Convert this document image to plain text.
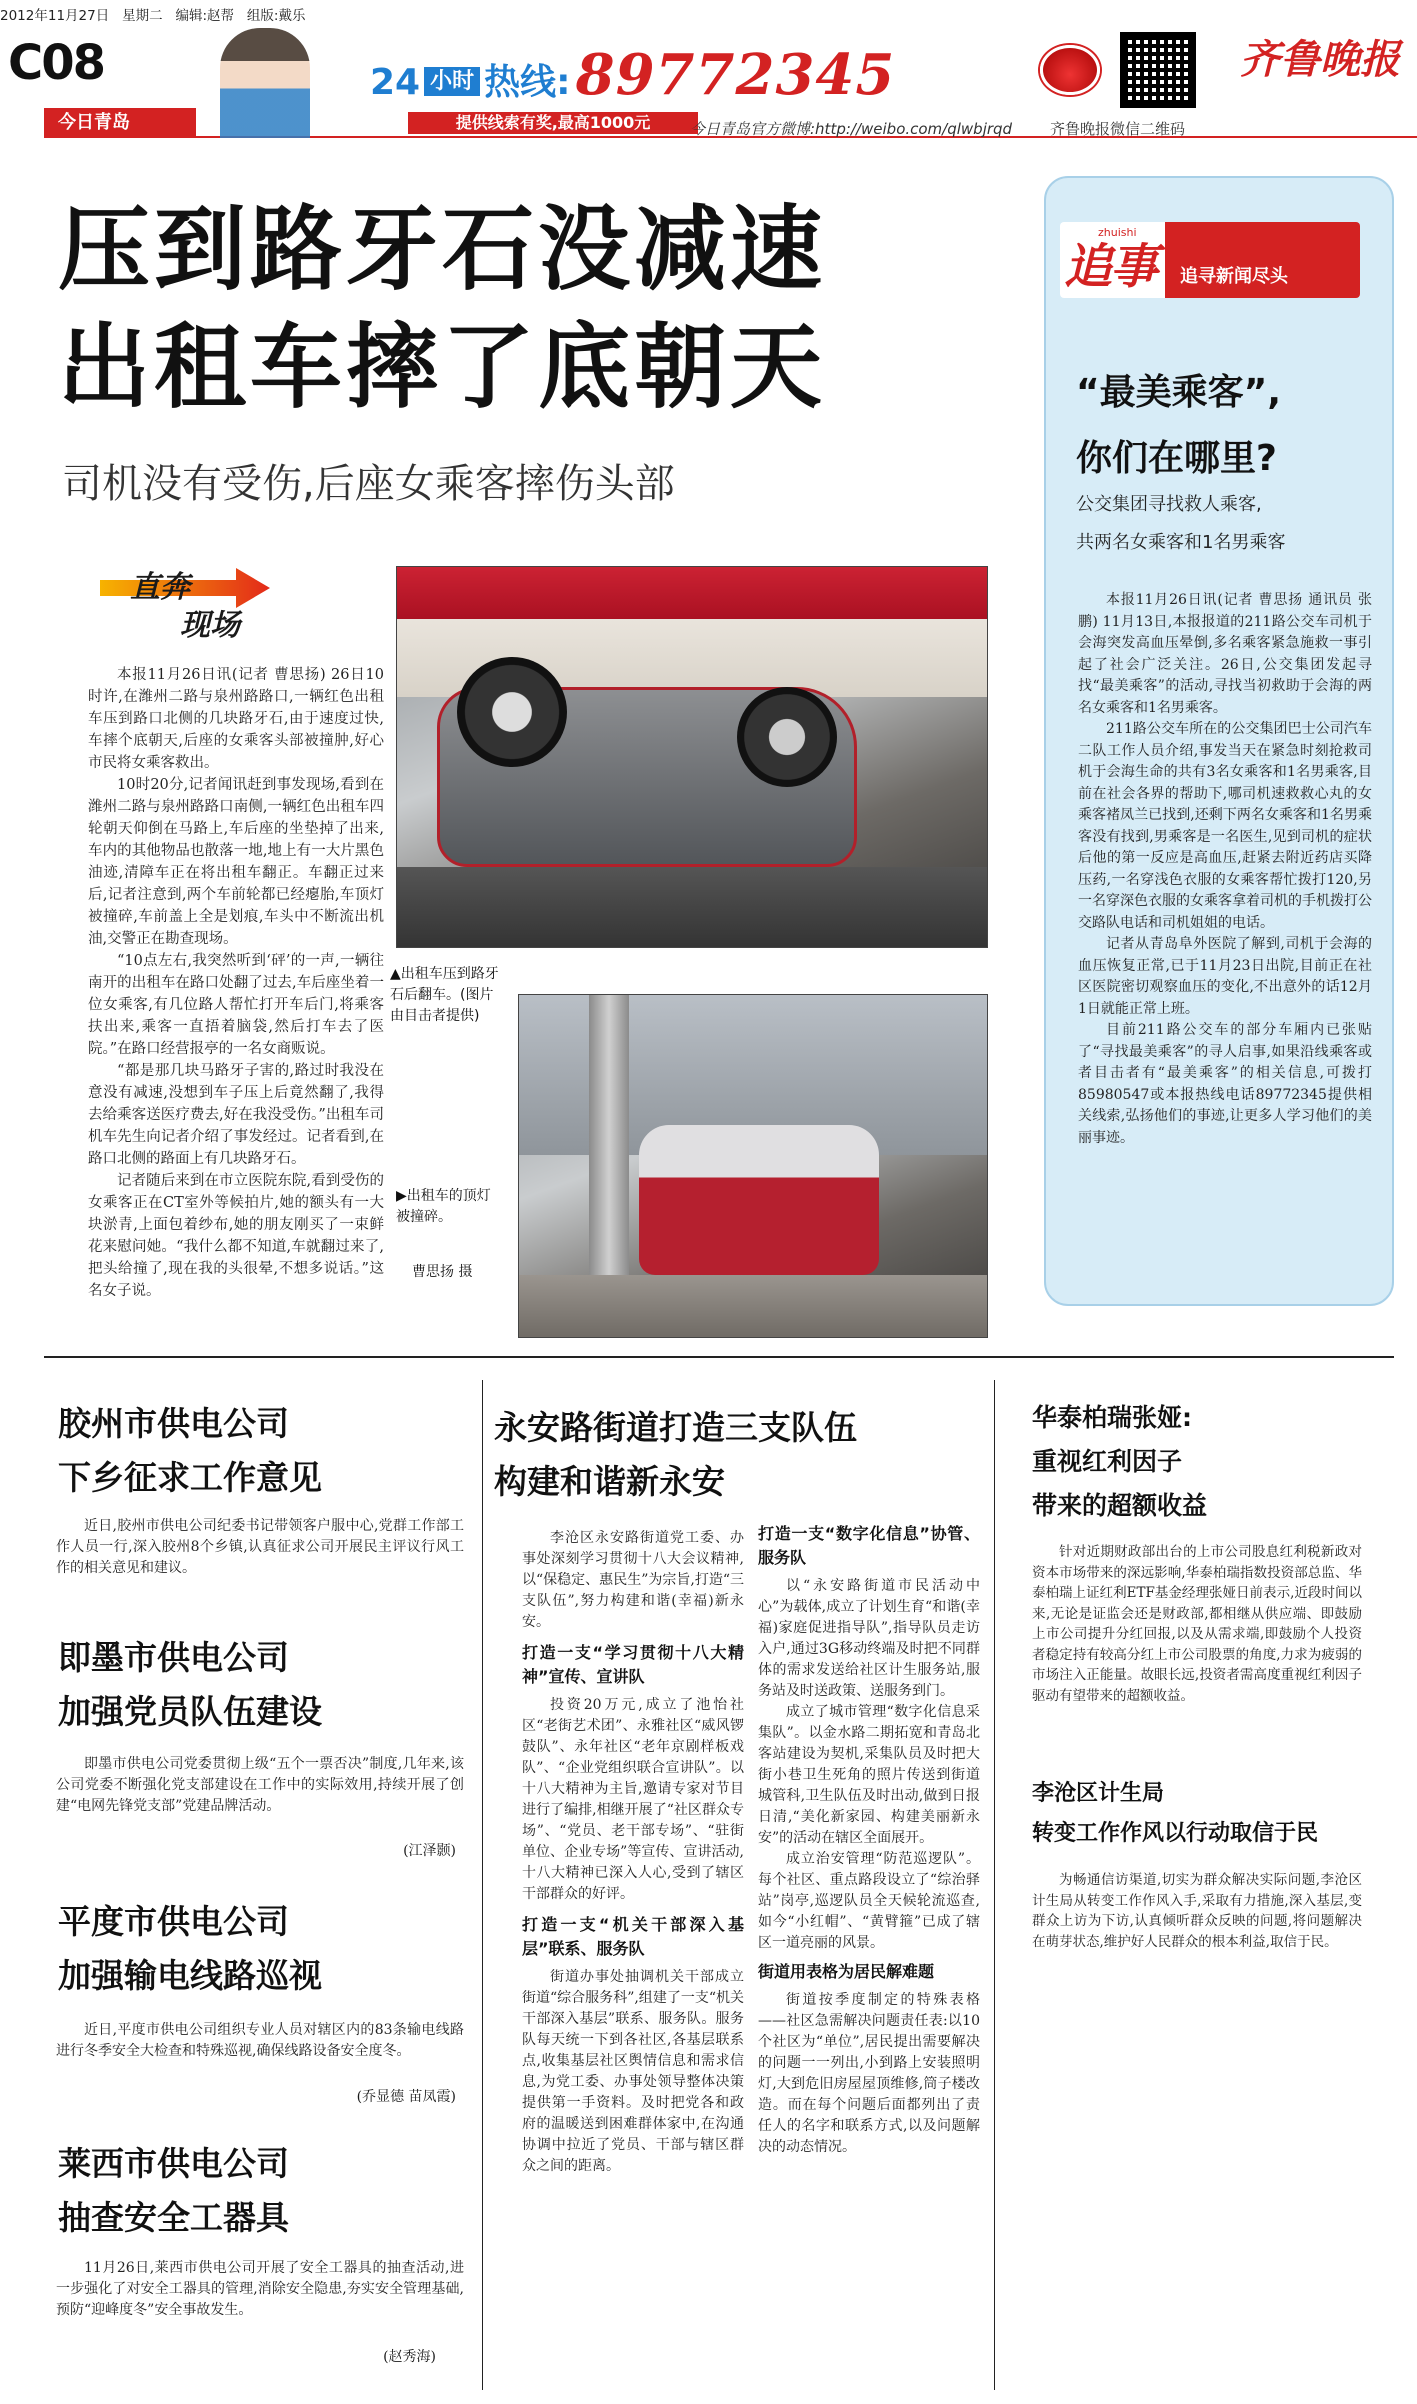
2012年11月27日 星期二 编辑:赵帮 组版:戴乐
C08
今日青岛
24 小时 热线: 89772345
提供线索有奖,最高1000元	今日青岛官方微博:http://weibo.com/qlwbjrqd	齐鲁晚报微信二维码
齐鲁晚报
压到路牙石没减速
出租车摔了底朝天
司机没有受伤,后座女乘客摔伤头部
直奔
现场

本报11月26日讯(记者 曹思扬) 26日10时许,在潍州二路与泉州路路口,一辆红色出租车压到路口北侧的几块路牙石,由于速度过快,车摔个底朝天,后座的女乘客头部被撞肿,好心市民将女乘客救出。

10时20分,记者闻讯赶到事发现场,看到在潍州二路与泉州路路口南侧,一辆红色出租车四轮朝天仰倒在马路上,车后座的坐垫掉了出来,车内的其他物品也散落一地,地上有一大片黑色油迹,清障车正在将出租车翻正。车翻正过来后,记者注意到,两个车前轮都已经瘪胎,车顶灯被撞碎,车前盖上全是划痕,车头中不断流出机油,交警正在勘查现场。

“10点左右,我突然听到‘砰’的一声,一辆往南开的出租车在路口处翻了过去,车后座坐着一位女乘客,有几位路人帮忙打开车后门,将乘客扶出来,乘客一直捂着脑袋,然后打车去了医院。”在路口经营报亭的一名女商贩说。

“都是那几块马路牙子害的,路过时我没在意没有减速,没想到车子压上后竟然翻了,我得去给乘客送医疗费去,好在我没受伤。”出租车司机车先生向记者介绍了事发经过。记者看到,在路口北侧的路面上有几块路牙石。

记者随后来到在市立医院东院,看到受伤的女乘客正在CT室外等候拍片,她的额头有一大块淤青,上面包着纱布,她的朋友刚买了一束鲜花来慰问她。“我什么都不知道,车就翻过来了,把头给撞了,现在我的头很晕,不想多说话。”这名女子说。

▲出租车压到路牙石后翻车。(图片由目击者提供)
▶出租车的顶灯被撞碎。
曹思扬 摄
追事
zhuishi
追寻新闻尽头
“最美乘客”,
你们在哪里?
公交集团寻找救人乘客,
共两名女乘客和1名男乘客

本报11月26日讯(记者 曹思扬 通讯员 张鹏) 11月13日,本报报道的211路公交车司机于会海突发高血压晕倒,多名乘客紧急施救一事引起了社会广泛关注。26日,公交集团发起寻找“最美乘客”的活动,寻找当初救助于会海的两名女乘客和1名男乘客。

211路公交车所在的公交集团巴士公司汽车二队工作人员介绍,事发当天在紧急时刻抢救司机于会海生命的共有3名女乘客和1名男乘客,目前在社会各界的帮助下,哪司机速救救心丸的女乘客褚凤兰已找到,还剩下两名女乘客和1名男乘客没有找到,男乘客是一名医生,见到司机的症状后他的第一反应是高血压,赶紧去附近药店买降压药,一名穿浅色衣服的女乘客帮忙拨打120,另一名穿深色衣服的女乘客拿着司机的手机拨打公交路队电话和司机姐姐的电话。

记者从青岛阜外医院了解到,司机于会海的血压恢复正常,已于11月23日出院,目前正在社区医院密切观察血压的变化,不出意外的话12月1日就能正常上班。

目前211路公交车的部分车厢内已张贴了“寻找最美乘客”的寻人启事,如果沿线乘客或者目击者有“最美乘客”的相关信息,可拨打85980547或本报热线电话89772345提供相关线索,弘扬他们的事迹,让更多人学习他们的美丽事迹。

胶州市供电公司
下乡征求工作意见

近日,胶州市供电公司纪委书记带领客户服中心,党群工作部工作人员一行,深入胶州8个乡镇,认真征求公司开展民主评议行风工作的相关意见和建议。

即墨市供电公司
加强党员队伍建设

即墨市供电公司党委贯彻上级“五个一票否决”制度,几年来,该公司党委不断强化党支部建设在工作中的实际效用,持续开展了创建“电网先锋党支部”党建品牌活动。

(江泽颢)
平度市供电公司
加强输电线路巡视

近日,平度市供电公司组织专业人员对辖区内的83条输电线路进行冬季安全大检查和特殊巡视,确保线路设备安全度冬。

(乔显德 苗凤霞)
莱西市供电公司
抽查安全工器具

11月26日,莱西市供电公司开展了安全工器具的抽查活动,进一步强化了对安全工器具的管理,消除安全隐患,夯实安全管理基础,预防“迎峰度冬”安全事故发生。

(赵秀海)
永安路街道打造三支队伍
构建和谐新永安

李沧区永安路街道党工委、办事处深刻学习贯彻十八大会议精神,以“保稳定、惠民生”为宗旨,打造“三支队伍”,努力构建和谐(幸福)新永安。

打造一支“学习贯彻十八大精神”宣传、宣讲队

投资20万元,成立了池怡社区“老街艺术团”、永雅社区“威风锣鼓队”、永年社区“老年京剧样板戏队”、“企业党组织联合宣讲队”。以十八大精神为主旨,邀请专家对节目进行了编排,相继开展了“社区群众专场”、“党员、老干部专场”、“驻街单位、企业专场”等宣传、宣讲活动,十八大精神已深入人心,受到了辖区干部群众的好评。

打造一支“机关干部深入基层”联系、服务队

街道办事处抽调机关干部成立街道“综合服务科”,组建了一支“机关干部深入基层”联系、服务队。服务队每天统一下到各社区,各基层联系点,收集基层社区舆情信息和需求信息,为党工委、办事处领导整体决策提供第一手资料。及时把党各和政府的温暖送到困难群体家中,在沟通协调中拉近了党员、干部与辖区群众之间的距离。

打造一支“数字化信息”协管、服务队

以“永安路街道市民活动中心”为载体,成立了计划生育“和谐(幸福)家庭促进指导队”,指导队员走访入户,通过3G移动终端及时把不同群体的需求发送给社区计生服务站,服务站及时送政策、送服务到门。

成立了城市管理“数字化信息采集队”。以金水路二期拓宽和青岛北客站建设为契机,采集队员及时把大街小巷卫生死角的照片传送到街道城管科,卫生队伍及时出动,做到日报日清,“美化新家园、构建美丽新永安”的活动在辖区全面展开。

成立治安管理“防范巡逻队”。每个社区、重点路段设立了“综治驿站”岗亭,巡逻队员全天候轮流巡查,如今“小红帽”、“黄臂箍”已成了辖区一道亮丽的风景。

街道用表格为居民解难题

街道按季度制定的特殊表格——社区急需解决问题责任表:以10个社区为“单位”,居民提出需要解决的问题一一列出,小到路上安装照明灯,大到危旧房屋屋顶维修,筒子楼改造。而在每个问题后面都列出了责任人的名字和联系方式,以及问题解决的动态情况。

华泰柏瑞张娅:
重视红利因子
带来的超额收益

针对近期财政部出台的上市公司股息红利税新政对资本市场带来的深远影响,华泰柏瑞指数投资部总监、华泰柏瑞上证红利ETF基金经理张娅日前表示,近段时间以来,无论是证监会还是财政部,都相继从供应端、即鼓励上市公司提升分红回报,以及从需求端,即鼓励个人投资者稳定持有较高分红上市公司股票的角度,力求为疲弱的市场注入正能量。故眼长远,投资者需高度重视红利因子驱动有望带来的超额收益。

李沧区计生局
转变工作作风以行动取信于民

为畅通信访渠道,切实为群众解决实际问题,李沧区计生局从转变工作作风入手,采取有力措施,深入基层,变群众上访为下访,认真倾听群众反映的问题,将问题解决在萌芽状态,维护好人民群众的根本利益,取信于民。
